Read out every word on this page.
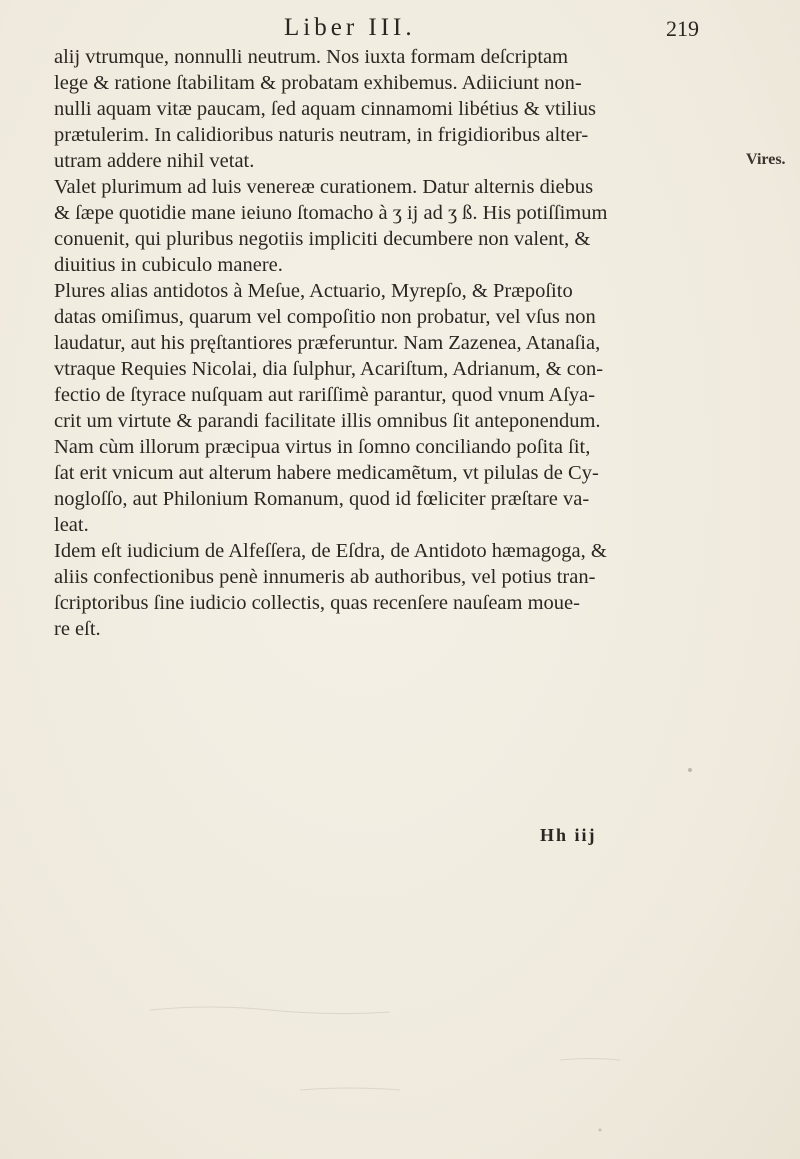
Liber III.	219
alij vtrumque, nonnulli neutrum. Nos iuxta formam deſcriptam
lege & ratione ſtabilitam & probatam exhibemus. Adiiciunt non-
nulli aquam vitæ paucam, ſed aquam cinnamomi libétius & vtilius
prætulerim. In calidioribus naturis neutram, in frigidioribus alter-
utram addere nihil vetat.
Valet plurimum ad luis venereæ curationem. Datur alternis diebus
& ſæpe quotidie mane ieiuno ſtomacho à ʒ ij ad ʒ ß. His potiſſimum
conuenit, qui pluribus negotiis impliciti decumbere non valent, &
diuitius in cubiculo manere.
Plures alias antidotos à Meſue, Actuario, Myrepſo, & Præpoſito
datas omiſimus, quarum vel compoſitio non probatur, vel vſus non
laudatur, aut his pręſtantiores præferuntur. Nam Zazenea, Atanaſia,
vtraque Requies Nicolai, dia ſulphur, Acariſtum, Adrianum, & con-
fectio de ſtyrace nuſquam aut rariſſimè parantur, quod vnum Aſya-
crit um virtute & parandi facilitate illis omnibus ſit anteponendum.
Nam cùm illorum præcipua virtus in ſomno conciliando poſita ſit,
ſat erit vnicum aut alterum habere medicamẽtum, vt pilulas de Cy-
nogloſſo, aut Philonium Romanum, quod id fœliciter præſtare va-
leat.
Idem eſt iudicium de Alfeſſera, de Eſdra, de Antidoto hæmagoga, &
aliis confectionibus penè innumeris ab authoribus, vel potius tran-
ſcriptoribus ſine iudicio collectis, quas recenſere nauſeam moue-
re eſt.
Vires.
Hh iij
